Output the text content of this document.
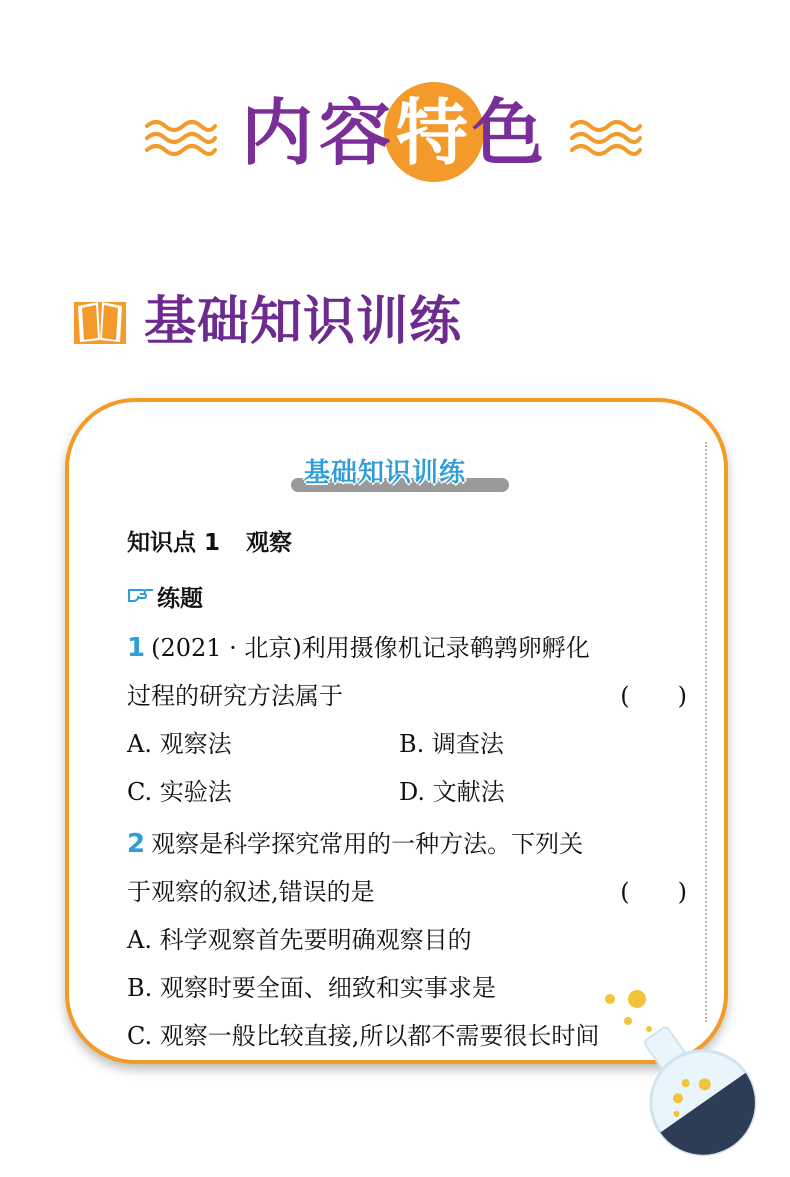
内 容 特 色
基础知识训练
基础知识训练
知识点 1 观察
练题
1 (2021 · 北京)利用摄像机记录鹌鹑卵孵化
过程的研究方法属于	(　　)
A. 观察法	B. 调查法
C. 实验法	D. 文献法
2 观察是科学探究常用的一种方法。下列关
于观察的叙述,错误的是	(　　)
A. 科学观察首先要明确观察目的
B. 观察时要全面、细致和实事求是
C. 观察一般比较直接,所以都不需要很长时间
